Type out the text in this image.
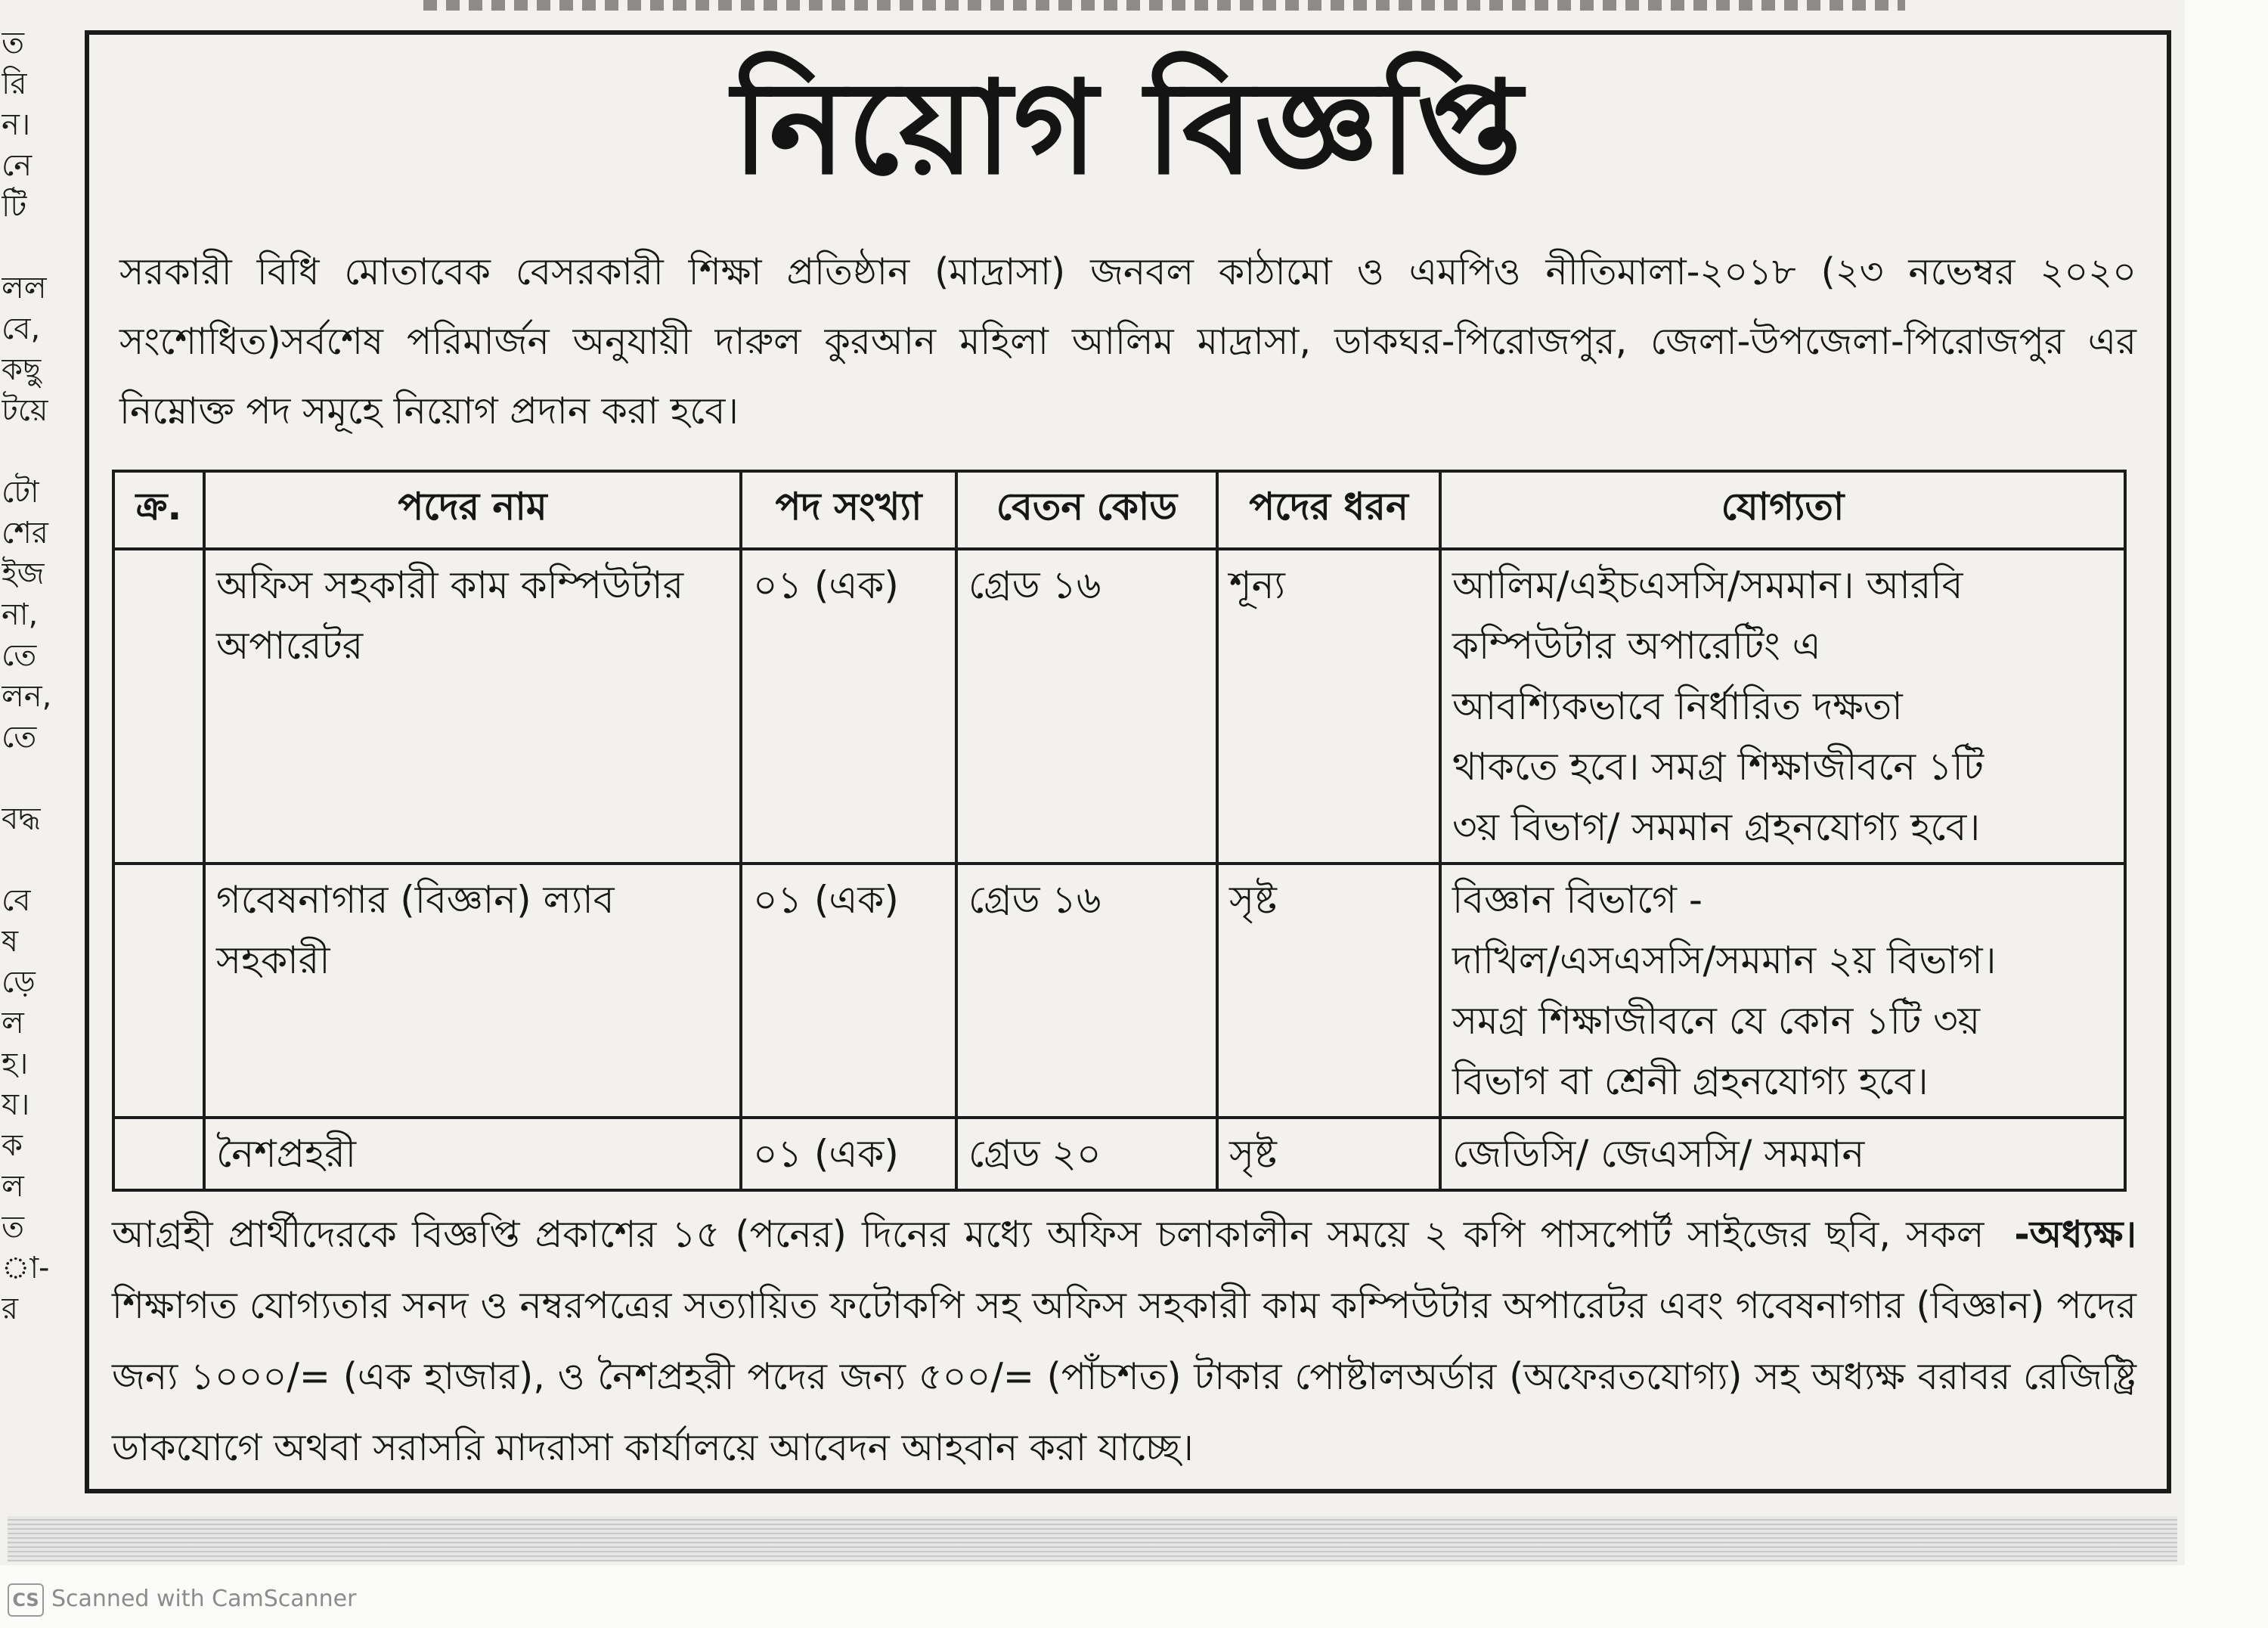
ত
রি
ন।
নে
টি

লল
বে,
কছু
টয়ে

টো
শের
ইজ
না,
তে
লন,
তে

বদ্ধ

বে
ষ
ড়ে
ল
হ।
য।
ক
ল
ত
া-
র
নিয়োগ বিজ্ঞপ্তি
সরকারী বিধি মোতাবেক বেসরকারী শিক্ষা প্রতিষ্ঠান (মাদ্রাসা) জনবল কাঠামো ও এমপিও নীতিমালা-২০১৮ (২৩ নভেম্বর ২০২০ সংশোধিত)সর্বশেষ পরিমার্জন অনুযায়ী দারুল কুরআন মহিলা আলিম মাদ্রাসা, ডাকঘর-পিরোজপুর, জেলা-উপজেলা-পিরোজপুর এর নিম্নোক্ত পদ সমূহে নিয়োগ প্রদান করা হবে।
ক্র.	পদের নাম	পদ সংখ্যা	বেতন কোড	পদের ধরন	যোগ্যতা
	অফিস সহকারী কাম কম্পিউটার অপারেটর	০১ (এক)	গ্রেড ১৬	শূন্য	আলিম/এইচএসসি/সমমান। আরবি
কম্পিউটার অপারেটিং এ
আবশ্যিকভাবে নির্ধারিত দক্ষতা
থাকতে হবে। সমগ্র শিক্ষাজীবনে ১টি
৩য় বিভাগ/ সমমান গ্রহনযোগ্য হবে।

	গবেষনাগার (বিজ্ঞান) ল্যাব সহকারী	০১ (এক)	গ্রেড ১৬	সৃষ্ট	বিজ্ঞান বিভাগে -
দাখিল/এসএসসি/সমমান ২য় বিভাগ।
সমগ্র শিক্ষাজীবনে যে কোন ১টি ৩য়
বিভাগ বা শ্রেনী গ্রহনযোগ্য হবে।

	নৈশপ্রহরী	০১ (এক)	গ্রেড ২০	সৃষ্ট	জেডিসি/ জেএসসি/ সমমান
-অধ্যক্ষ।
আগ্রহী প্রার্থীদেরকে বিজ্ঞপ্তি প্রকাশের ১৫ (পনের) দিনের মধ্যে অফিস চলাকালীন সময়ে ২ কপি পাসপোর্ট সাইজের ছবি, সকল শিক্ষাগত যোগ্যতার সনদ ও নম্বরপত্রের সত্যায়িত ফটোকপি সহ অফিস সহকারী কাম কম্পিউটার অপারেটর এবং গবেষনাগার (বিজ্ঞান) পদের জন্য ১০০০/= (এক হাজার), ও নৈশপ্রহরী পদের জন্য ৫০০/= (পাঁচশত) টাকার পোষ্টালঅর্ডার (অফেরতযোগ্য) সহ অধ্যক্ষ বরাবর রেজিষ্ট্রি ডাকযোগে অথবা সরাসরি মাদরাসা কার্যালয়ে আবেদন আহবান করা যাচ্ছে।
CS Scanned with CamScanner
